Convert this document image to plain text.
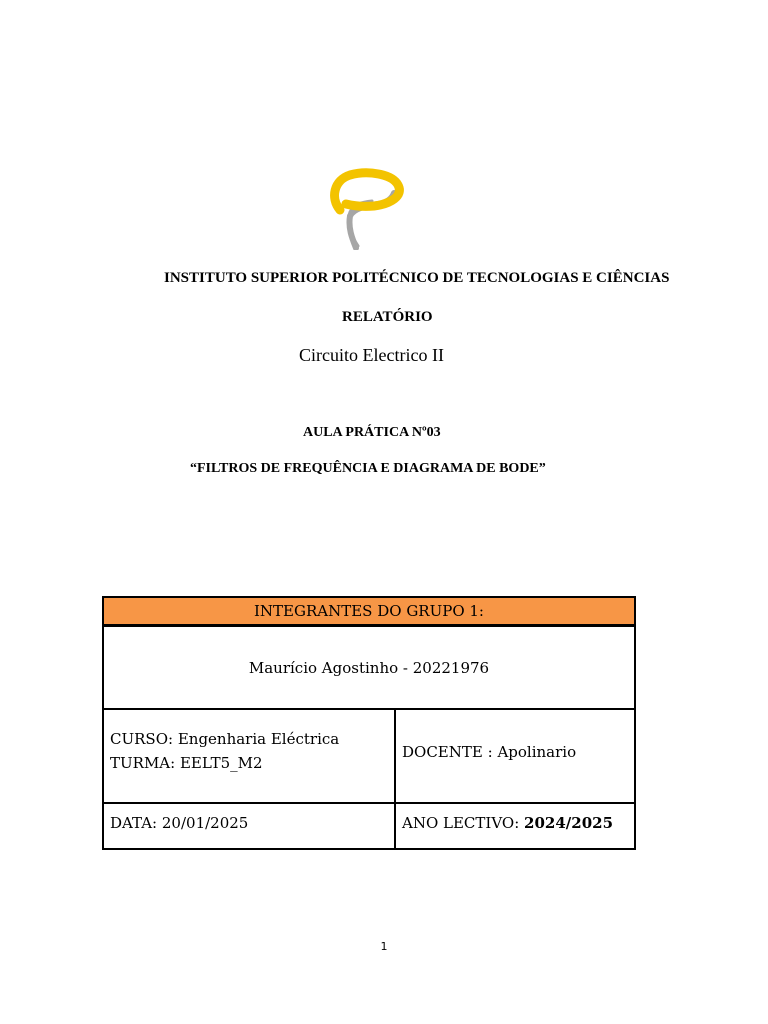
INSTITUTO SUPERIOR POLITÉCNICO DE TECNOLOGIAS E CIÊNCIAS
RELATÓRIO
Circuito Electrico II
AULA PRÁTICA Nº03
“FILTROS DE FREQUÊNCIA E DIAGRAMA DE BODE”
INTEGRANTES DO GRUPO 1:
Maurício Agostinho - 20221976

CURSO: Engenharia Eléctrica

TURMA: EELT5_M2

DOCENTE : Apolinario
DATA: 20/01/2025	ANO LECTIVO: 2024/2025
1
